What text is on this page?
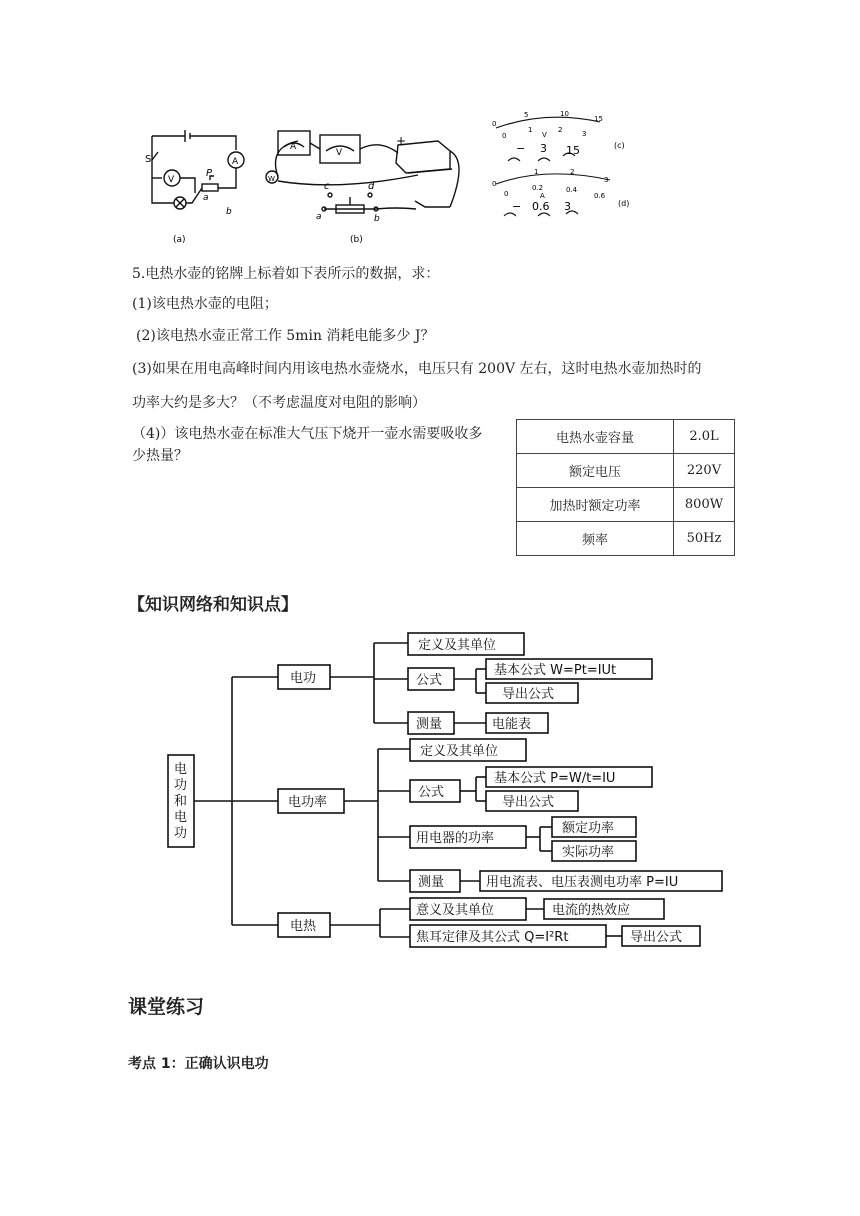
S
V
A
P
a
b
(a)
A
V
W
+
c	d
a	b
(b)
0
5	10
15
0
1	2	3
V
− 3 15	(c)
0
1	2
3
0
0.2	0.4
0.6
A
− 0.6 3	(d)
5.电热水壶的铭牌上标着如下表所示的数据，求：
(1)该电热水壶的电阻；
(2)该电热水壶正常工作 5min 消耗电能多少 J？
(3)如果在用电高峰时间内用该电热水壶烧水，电压只有 200V 左右，这时电热水壶加热时的
功率大约是多大？（不考虑温度对电阻的影响）
（4)）该电热水壶在标准大气压下烧开一壶水需要吸收多
少热量？
电热水壶容量	2.0L
额定电压	220V
加热时额定功率	800W
频率	50Hz
【知识网络和知识点】
电 功 和 电 功
电功
定义及其单位
公式
基本公式 W=Pt=IUt
导出公式
测量	电能表
电功率
定义及其单位
公式
基本公式 P=W/t=IU
导出公式
用电器的功率
额定功率
实际功率
测量	用电流表、电压表测电功率 P=IU
电热
意义及其单位	电流的热效应
焦耳定律及其公式 Q=I²Rt	导出公式
课堂练习
考点 1：正确认识电功
